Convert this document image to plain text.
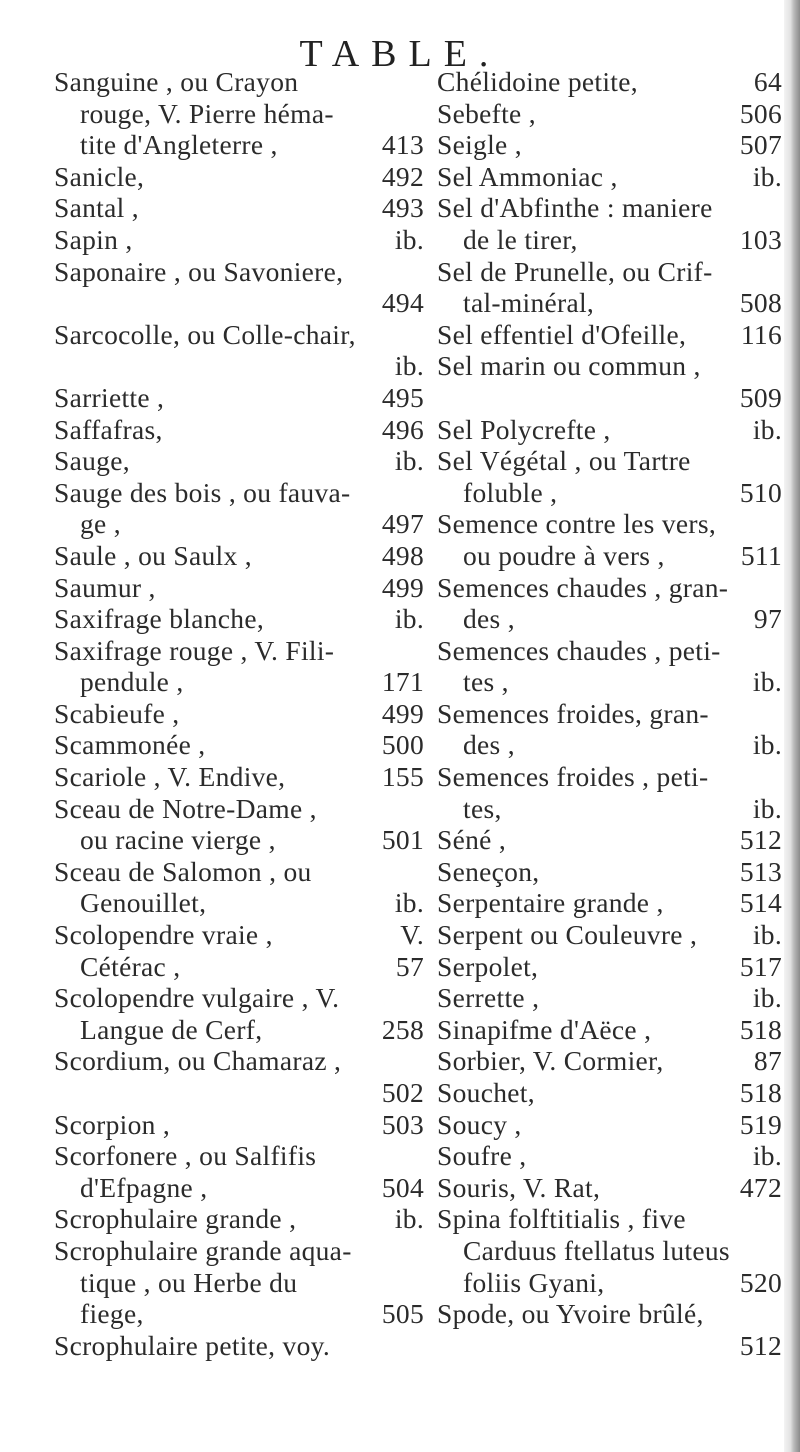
TABLE.
Sanguine , ou Crayon
rouge, V. Pierre héma-
tite d'Angleterre ,	413
Sanicle,	492
Santal ,	493
Sapin ,	ib.
Saponaire , ou Savoniere,
494
Sarcocolle, ou Colle-chair,
ib.
Sarriette ,	495
Saffafras,	496
Sauge,	ib.
Sauge des bois , ou fauva-
ge ,	497
Saule , ou Saulx ,	498
Saumur ,	499
Saxifrage blanche,	ib.
Saxifrage rouge , V. Fili-
pendule ,	171
Scabieufe ,	499
Scammonée ,	500
Scariole , V. Endive,	155
Sceau de Notre-Dame ,
ou racine vierge ,	501
Sceau de Salomon , ou
Genouillet,	ib.
Scolopendre vraie ,	V.
Cétérac ,	57
Scolopendre vulgaire , V.
Langue de Cerf,	258
Scordium, ou Chamaraz ,
502
Scorpion ,	503
Scorfonere , ou Salfifis
d'Efpagne ,	504
Scrophulaire grande ,	ib.
Scrophulaire grande aqua-
tique , ou Herbe du
fiege,	505
Scrophulaire petite, voy.
Chélidoine petite,	64
Sebefte ,	506
Seigle ,	507
Sel Ammoniac ,	ib.
Sel d'Abfinthe : maniere
de le tirer,	103
Sel de Prunelle, ou Crif-
tal-minéral,	508
Sel effentiel d'Ofeille, 116
Sel marin ou commun ,
509
Sel Polycrefte ,	ib.
Sel Végétal , ou Tartre
foluble ,	510
Semence contre les vers,
ou poudre à vers ,	511
Semences chaudes , gran-
des ,	97
Semences chaudes , peti-
tes ,	ib.
Semences froides, gran-
des ,	ib.
Semences froides , peti-
tes,	ib.
Séné ,	512
Seneçon,	513
Serpentaire grande ,	514
Serpent ou Couleuvre , ib.
Serpolet,	517
Serrette ,	ib.
Sinapifme d'Aëce ,	518
Sorbier, V. Cormier,	87
Souchet,	518
Soucy ,	519
Soufre ,	ib.
Souris, V. Rat,	472
Spina folftitialis , five
Carduus ftellatus luteus
foliis Gyani,	520
Spode, ou Yvoire brûlé,
512
